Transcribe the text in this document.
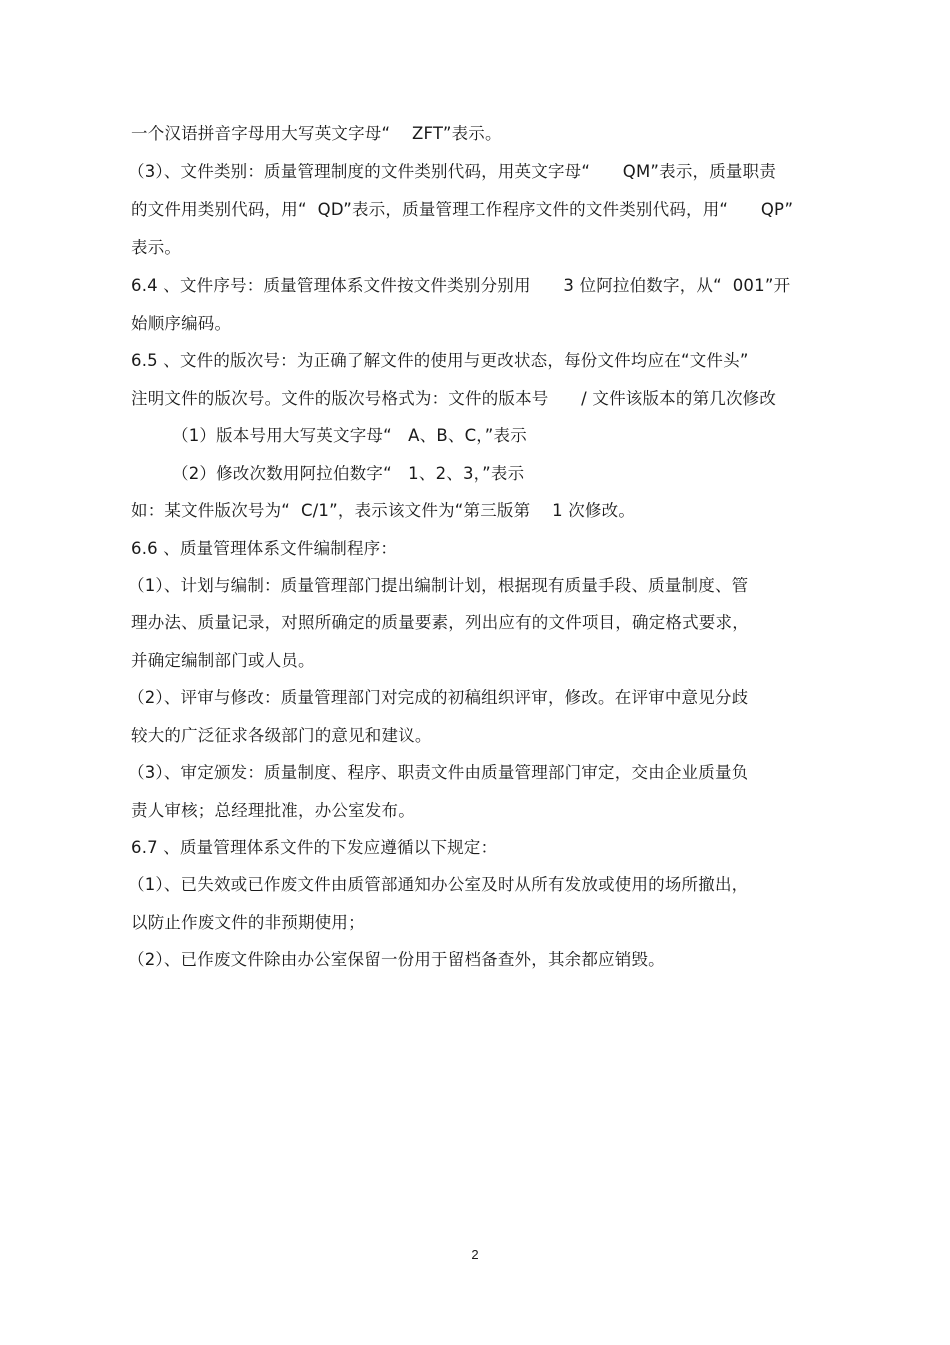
一个汉语拼音字母用大写英文字母“    ZFT”表示。
（3）、文件类别：质量管理制度的文件类别代码，用英文字母“      QM”表示，质量职责
的文件用类别代码，用“  QD”表示，质量管理工作程序文件的文件类别代码，用“      QP”
表示。
6.4 、文件序号：质量管理体系文件按文件类别分别用      3 位阿拉伯数字，从“  001”开
始顺序编码。
6.5 、文件的版次号：为正确了解文件的使用与更改状态，每份文件均应在“文件头”
注明文件的版次号。文件的版次号格式为：文件的版本号      / 文件该版本的第几次修改
（1）版本号用大写英文字母“   A、B、C，”表示
（2）修改次数用阿拉伯数字“   1、2、3，”表示
如：某文件版次号为“  C/1”，表示该文件为“第三版第    1 次修改。
6.6 、质量管理体系文件编制程序：
（1）、计划与编制：质量管理部门提出编制计划，根据现有质量手段、质量制度、管
理办法、质量记录，对照所确定的质量要素，列出应有的文件项目，确定格式要求，
并确定编制部门或人员。
（2）、评审与修改：质量管理部门对完成的初稿组织评审，修改。在评审中意见分歧
较大的广泛征求各级部门的意见和建议。
（3）、审定颁发：质量制度、程序、职责文件由质量管理部门审定，交由企业质量负
责人审核；总经理批准，办公室发布。
6.7 、质量管理体系文件的下发应遵循以下规定：
（1）、已失效或已作废文件由质管部通知办公室及时从所有发放或使用的场所撤出，
以防止作废文件的非预期使用；
（2）、已作废文件除由办公室保留一份用于留档备查外，其余都应销毁。
2
